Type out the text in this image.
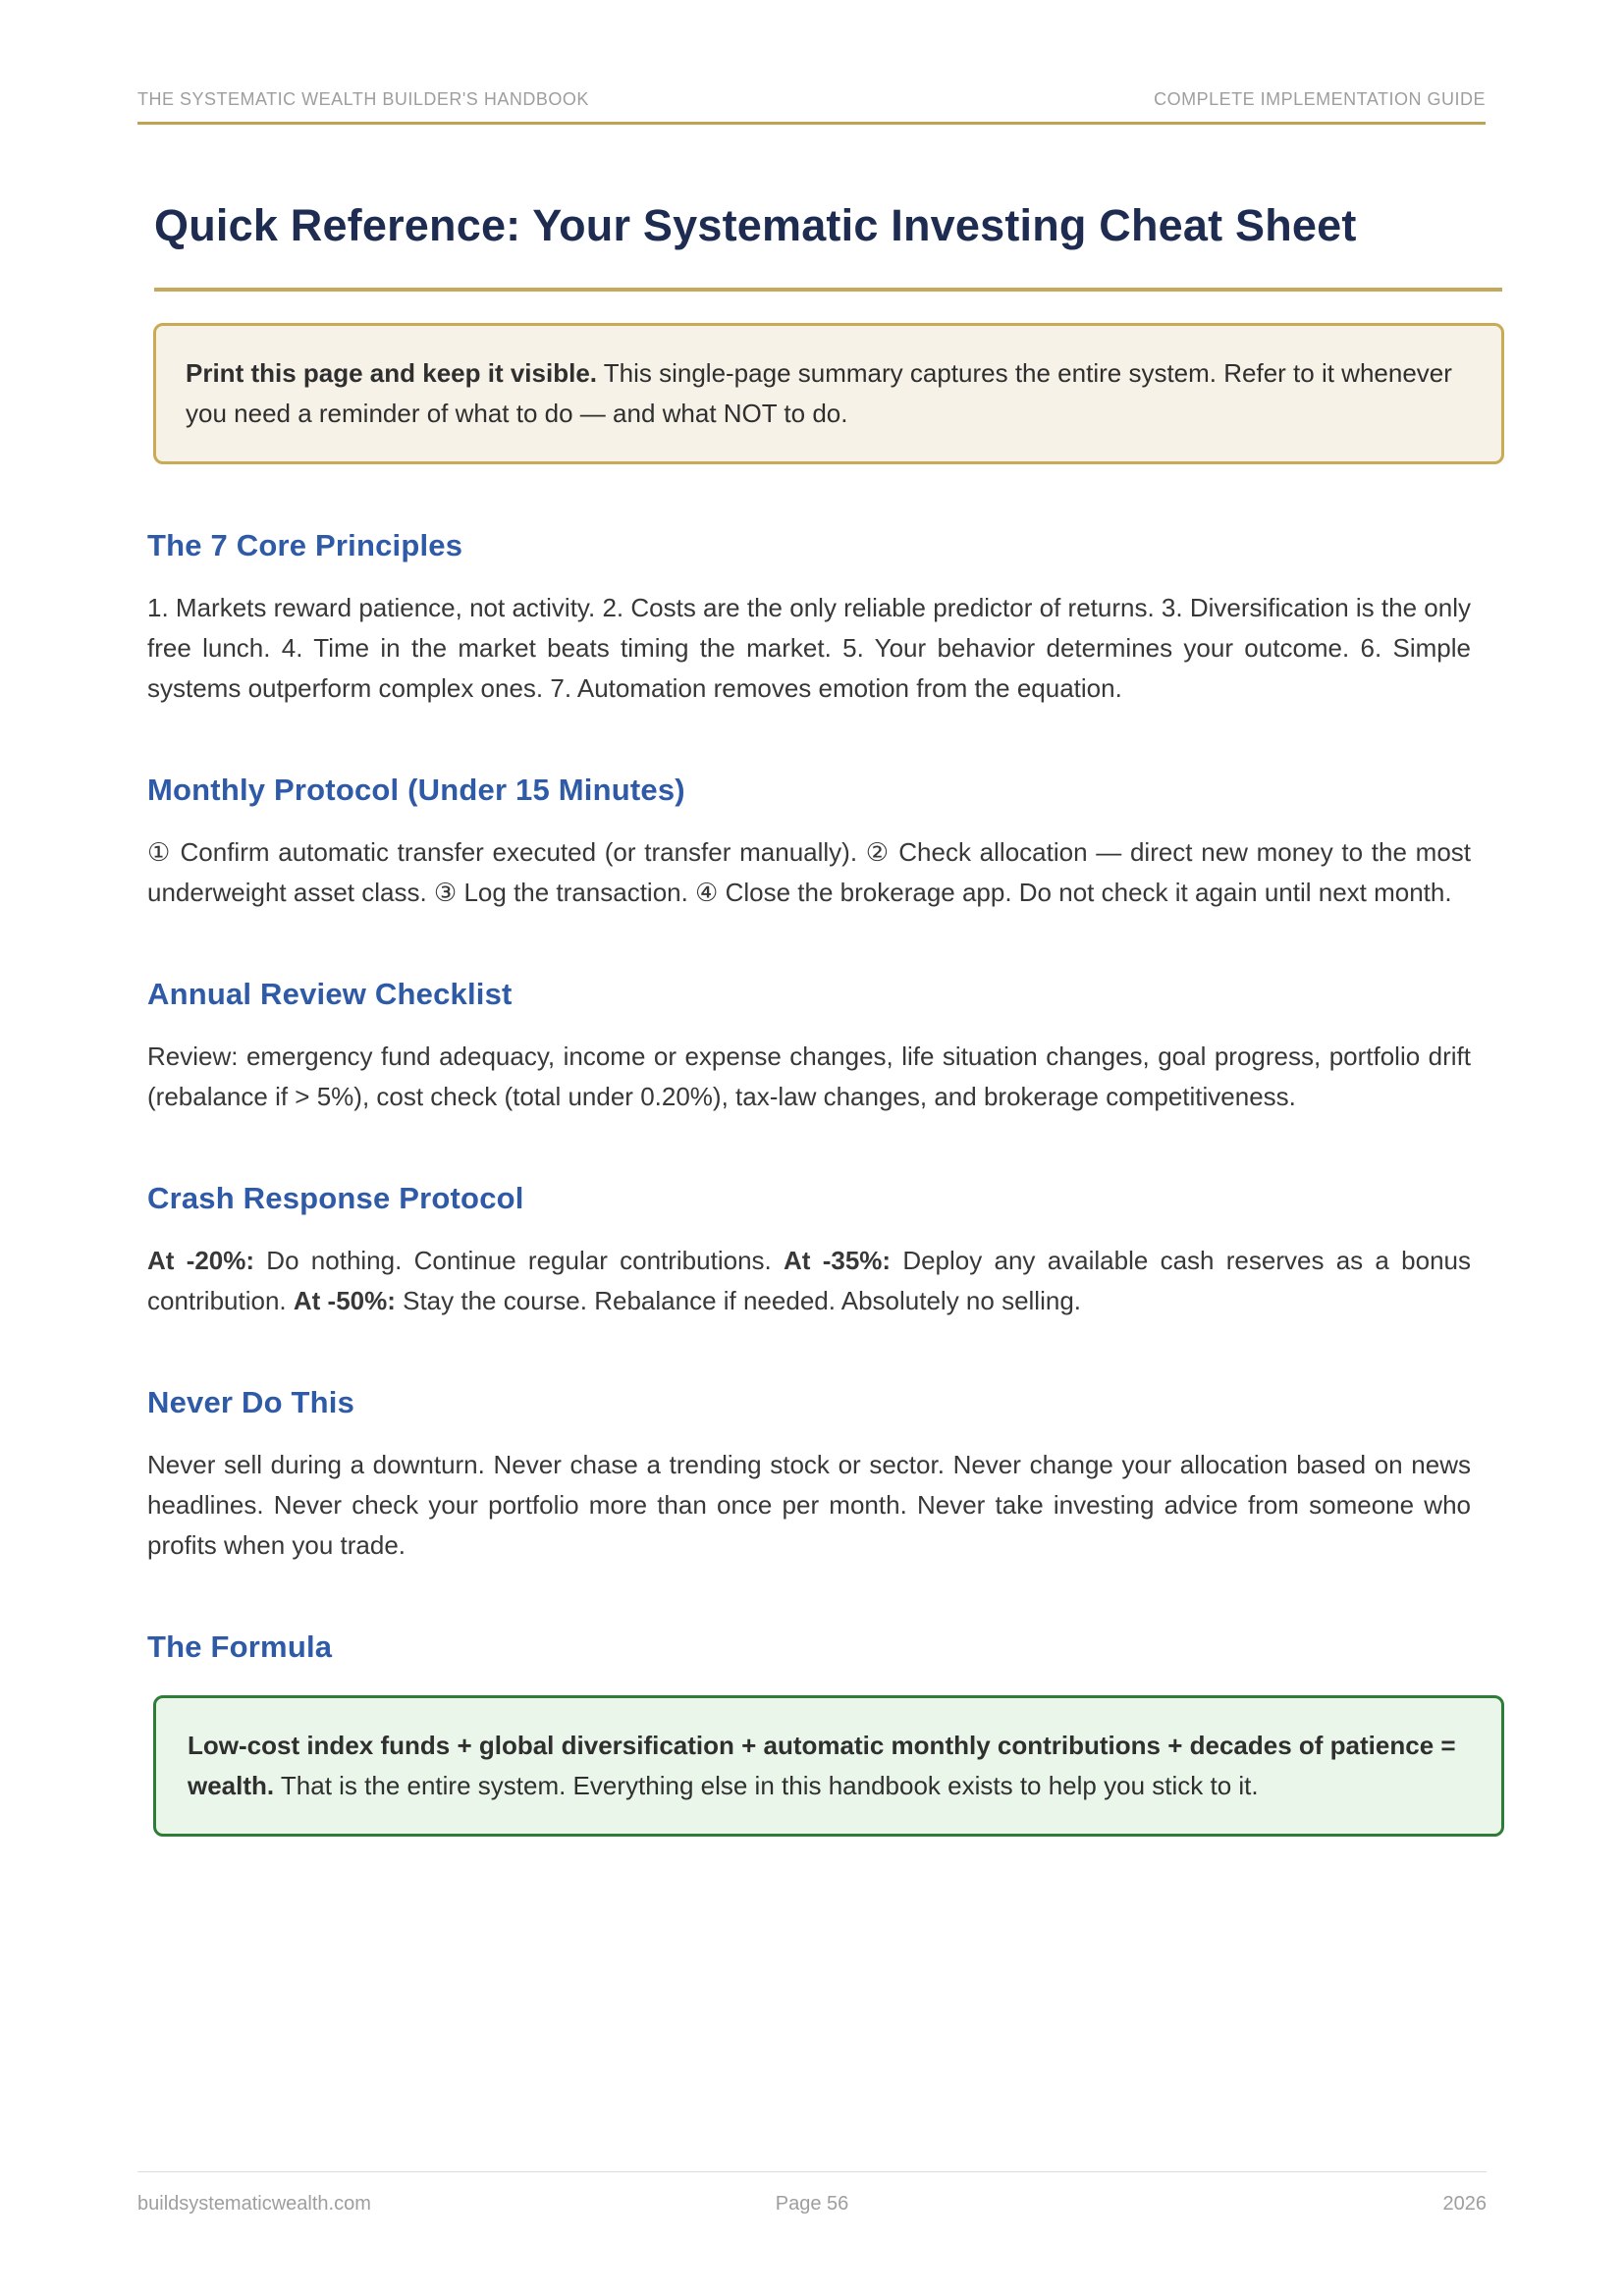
THE SYSTEMATIC WEALTH BUILDER'S HANDBOOK	COMPLETE IMPLEMENTATION GUIDE
Quick Reference: Your Systematic Investing Cheat Sheet
Print this page and keep it visible. This single-page summary captures the entire system. Refer to it whenever you need a reminder of what to do — and what NOT to do.
The 7 Core Principles

1. Markets reward patience, not activity. 2. Costs are the only reliable predictor of returns. 3. Diversification is the only free lunch. 4. Time in the market beats timing the market. 5. Your behavior determines your outcome. 6. Simple systems outperform complex ones. 7. Automation removes emotion from the equation.

Monthly Protocol (Under 15 Minutes)

① Confirm automatic transfer executed (or transfer manually). ② Check allocation — direct new money to the most underweight asset class. ③ Log the transaction. ④ Close the brokerage app. Do not check it again until next month.

Annual Review Checklist

Review: emergency fund adequacy, income or expense changes, life situation changes, goal progress, portfolio drift (rebalance if > 5%), cost check (total under 0.20%), tax-law changes, and brokerage competitiveness.

Crash Response Protocol

At -20%: Do nothing. Continue regular contributions. At -35%: Deploy any available cash reserves as a bonus contribution. At -50%: Stay the course. Rebalance if needed. Absolutely no selling.

Never Do This

Never sell during a downturn. Never chase a trending stock or sector. Never change your allocation based on news headlines. Never check your portfolio more than once per month. Never take investing advice from someone who profits when you trade.

The Formula
Low-cost index funds + global diversification + automatic monthly contributions + decades of patience = wealth. That is the entire system. Everything else in this handbook exists to help you stick to it.
buildsystematicwealth.com	Page 56	2026
